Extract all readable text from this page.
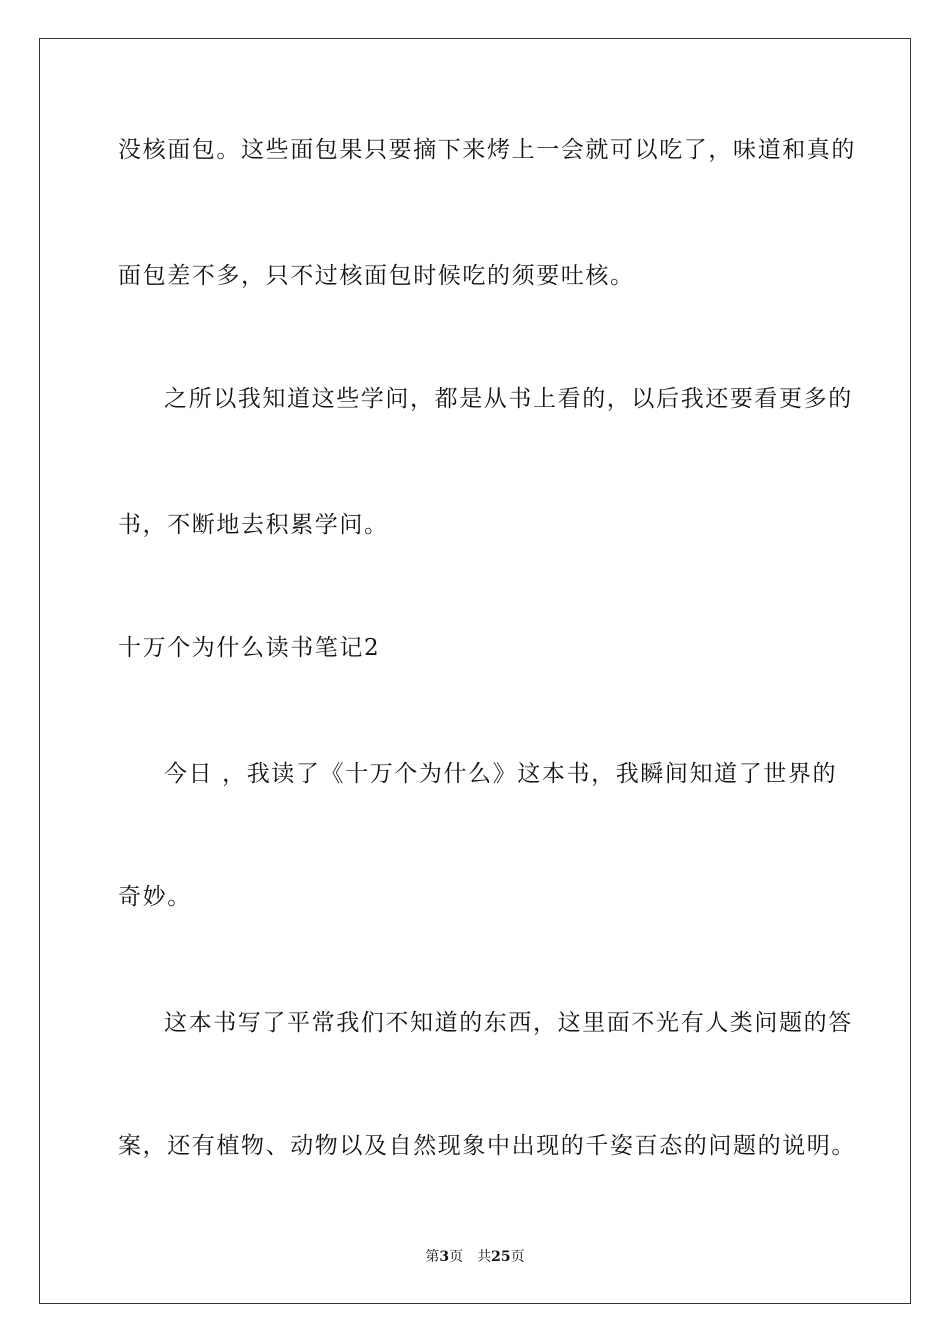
没核面包。这些面包果只要摘下来烤上一会就可以吃了，味道和真的
面包差不多，只不过核面包时候吃的须要吐核。
之所以我知道这些学问，都是从书上看的，以后我还要看更多的
书，不断地去积累学问。
十万个为什么读书笔记2
今日 ，我读了《十万个为什么》这本书，我瞬间知道了世界的
奇妙。
这本书写了平常我们不知道的东西，这里面不光有人类问题的答
案，还有植物、动物以及自然现象中出现的千姿百态的问题的说明。
第3页 共25页
